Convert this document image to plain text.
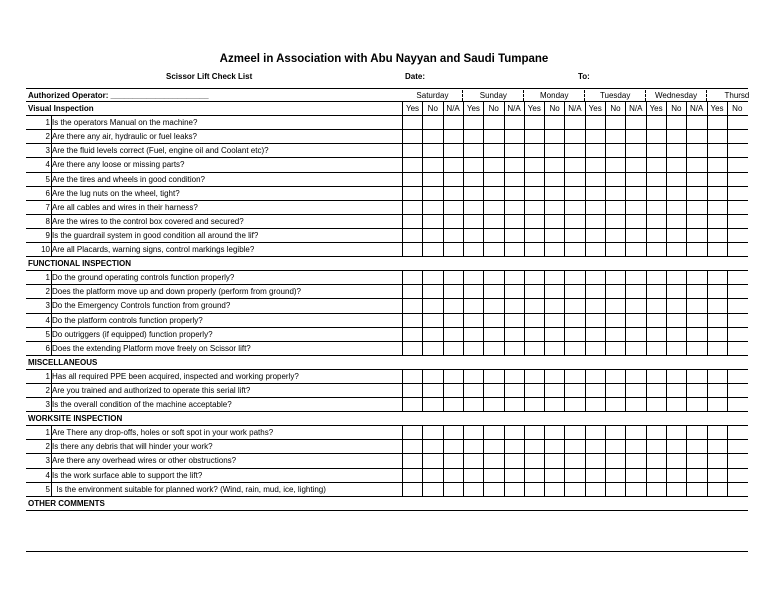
Azmeel in Association with Abu Nayyan and Saudi Tumpane
Scissor Lift Check List	Date:	To:
Authorized Operator: ______________________	Saturday	Sunday	Monday	Tuesday	Wednesday	Thursd
Visual Inspection	Yes	No	N/A Yes	No	N/A Yes	No	N/A Yes	No	N/A Yes	No	N/A Yes	No
1 Is the operators Manual on the machine?
2 Are there any air, hydraulic or fuel leaks?
3 Are the fluid levels correct (Fuel, engine oil and Coolant etc)?
4 Are there any loose or missing parts?
5 Are the tires and wheels in good condition?
6 Are the lug nuts on the wheel, tight?
7 Are all cables and wires in their harness?
8 Are the wires to the control box covered and secured?
9 Is the guardrail system in good condition all around the lif?
10 Are all Placards, warning signs, control markings legible?
FUNCTIONAL INSPECTION
1 Do the ground operating controls function properly?
2 Does the platform move up and down properly (perform from ground)?
3 Do the Emergency Controls function from ground?
4 Do the platform controls function properly?
5 Do outriggers (if equipped) function properly?
6 Does the extending Platform move freely on Scissor lift?
MISCELLANEOUS
1 Has all required PPE been acquired, inspected and working properly?
2 Are you trained and authorized to operate this serial lift?
3 Is the overall condition of the machine acceptable?
WORKSITE INSPECTION
1 Are There any drop-offs, holes or soft spot in your work paths?
2 Is there any debris that will hinder your work?
3 Are there any overhead wires or other obstructions?
4 Is the work surface able to support the lift?
5 Is the environment suitable for planned work? (Wind, rain, mud, ice, lighting)
OTHER COMMENTS
